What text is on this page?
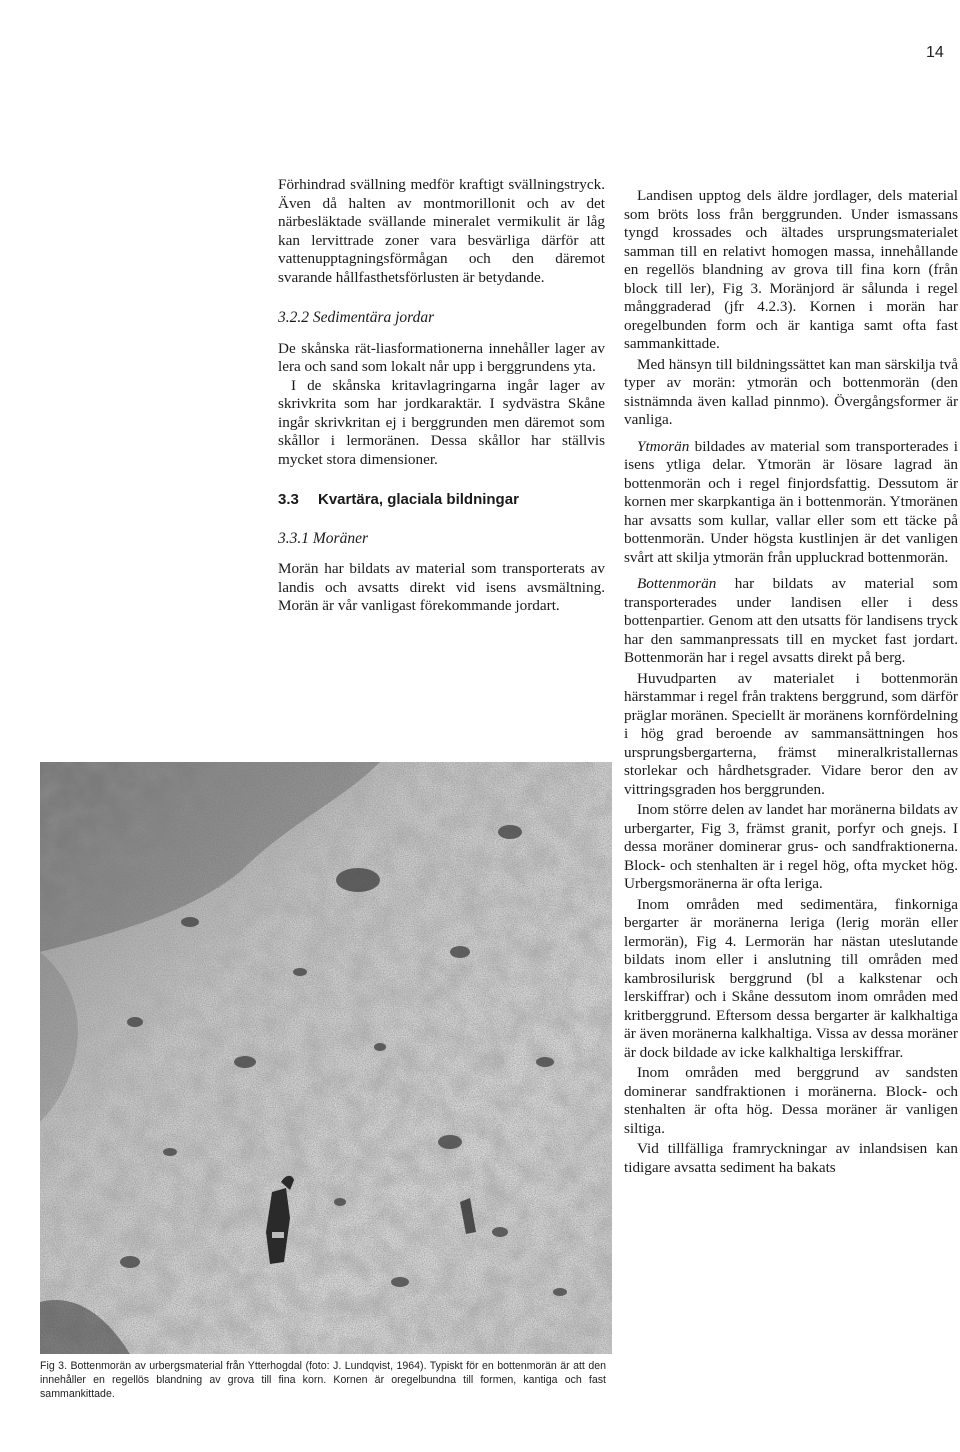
14

Förhindrad svällning medför kraftigt svällningstryck. Även då halten av montmorillonit och av det närbesläktade svällande mineralet vermikulit är låg kan lervittrade zoner vara besvärliga därför att vattenupptagningsförmågan och den däremot svarande hållfasthetsförlusten är betydande.

3.2.2 Sedimentära jordar

De skånska rät-liasformationerna innehåller lager av lera och sand som lokalt når upp i berggrundens yta.

I de skånska kritavlagringarna ingår lager av skrivkrita som har jordkaraktär. I sydvästra Skåne ingår skrivkritan ej i berggrunden men däremot som skållor i lermoränen. Dessa skållor har ställvis mycket stora dimensioner.

3.3 Kvartära, glaciala bildningar
3.3.1 Moräner

Morän har bildats av material som transporterats av landis och avsatts direkt vid isens avsmältning. Morän är vår vanligast förekommande jordart.

Landisen upptog dels äldre jordlager, dels material som bröts loss från berggrunden. Under ismassans tyngd krossades och ältades ursprungsmaterialet samman till en relativt homogen massa, innehållande en regellös blandning av grova till fina korn (från block till ler), Fig 3. Moränjord är sålunda i regel månggraderad (jfr 4.2.3). Kornen i morän har oregelbunden form och är kantiga samt ofta fast sammankittade.

Med hänsyn till bildningssättet kan man särskilja två typer av morän: ytmorän och bottenmorän (den sistnämnda även kallad pinnmo). Övergångsformer är vanliga.

Ytmorän bildades av material som transporterades i isens ytliga delar. Ytmorän är lösare lagrad än bottenmorän och i regel finjordsfattig. Dessutom är kornen mer skarpkantiga än i bottenmorän. Ytmoränen har avsatts som kullar, vallar eller som ett täcke på bottenmorän. Under högsta kustlinjen är det vanligen svårt att skilja ytmorän från uppluckrad bottenmorän.

Bottenmorän har bildats av material som transporterades under landisen eller i dess bottenpartier. Genom att den utsatts för landisens tryck har den sammanpressats till en mycket fast jordart. Bottenmorän har i regel avsatts direkt på berg.

Huvudparten av materialet i bottenmorän härstammar i regel från traktens berggrund, som därför präglar moränen. Speciellt är moränens kornfördelning i hög grad beroende av sammansättningen hos ursprungsbergarterna, främst mineralkristallernas storlekar och hårdhetsgrader. Vidare beror den av vittringsgraden hos berggrunden.

Inom större delen av landet har moränerna bildats av urbergarter, Fig 3, främst granit, porfyr och gnejs. I dessa moräner dominerar grus- och sandfraktionerna. Block- och stenhalten är i regel hög, ofta mycket hög. Urbergsmoränerna är ofta leriga.

Inom områden med sedimentära, finkorniga bergarter är moränerna leriga (lerig morän eller lermorän), Fig 4. Lermorän har nästan uteslutande bildats inom eller i anslutning till områden med kambrosilurisk berggrund (bl a kalkstenar och lerskiffrar) och i Skåne dessutom inom områden med kritberggrund. Eftersom dessa bergarter är kalkhaltiga är även moränerna kalkhaltiga. Vissa av dessa moräner är dock bildade av icke kalkhaltiga lerskiffrar.

Inom områden med berggrund av sandsten dominerar sandfraktionen i moränerna. Block- och stenhalten är ofta hög. Dessa moräner är vanligen siltiga.

Vid tillfälliga framryckningar av inlandsisen kan tidigare avsatta sediment ha bakats

Fig 3. Bottenmorän av urbergsmaterial från Ytterhogdal (foto: J. Lundqvist, 1964). Typiskt för en bottenmorän är att den innehåller en regellös blandning av grova till fina korn. Kornen är oregelbundna till formen, kantiga och fast sammankittade.
